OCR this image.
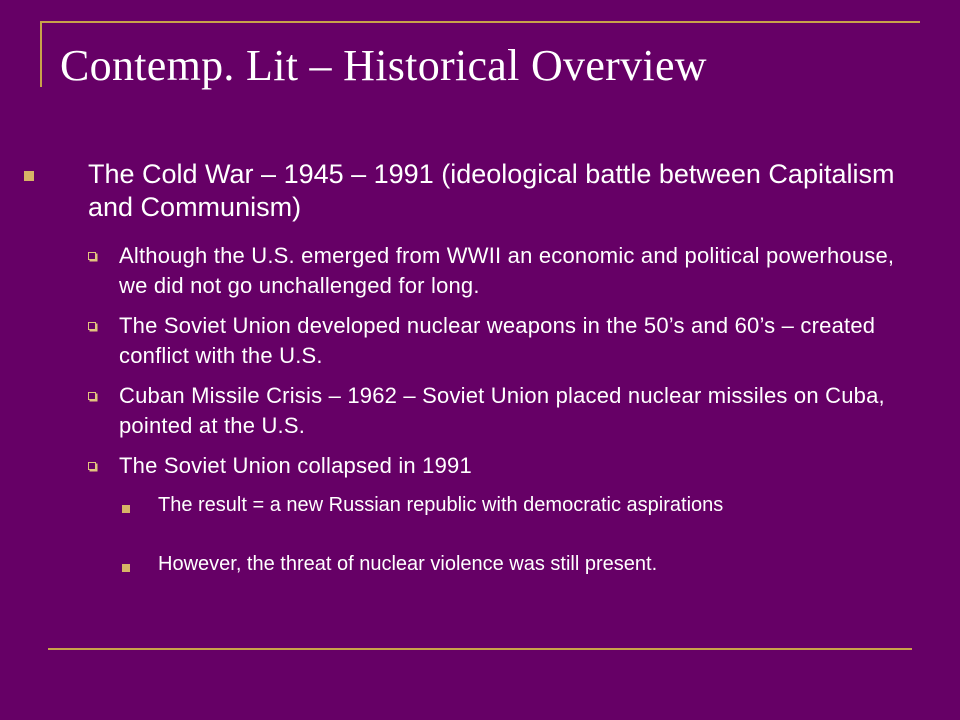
Contemp. Lit – Historical Overview
The Cold War – 1945 – 1991 (ideological battle between Capitalism and Communism)
Although the U.S. emerged from WWII an economic and political powerhouse, we did not go unchallenged for long.
The Soviet Union developed nuclear weapons in the 50’s and 60’s – created conflict with the U.S.
Cuban Missile Crisis – 1962 – Soviet Union placed nuclear missiles on Cuba, pointed at the U.S.
The Soviet Union collapsed in 1991
The result = a new Russian republic with democratic aspirations
However, the threat of nuclear violence was still present.
